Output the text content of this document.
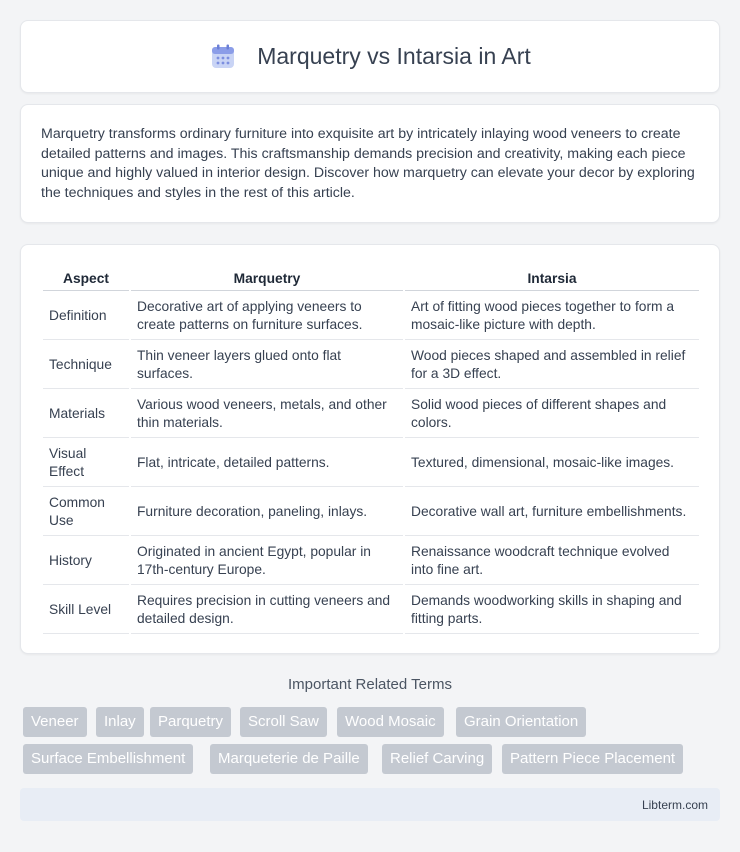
Marquetry vs Intarsia in Art

Marquetry transforms ordinary furniture into exquisite art by intricately inlaying wood veneers to create detailed patterns and images. This craftsmanship demands precision and creativity, making each piece unique and highly valued in interior design. Discover how marquetry can elevate your decor by exploring the techniques and styles in the rest of this article.

Aspect	Marquetry	Intarsia
Definition	Decorative art of applying veneers to create patterns on furniture surfaces.	Art of fitting wood pieces together to form a mosaic-like picture with depth.
Technique	Thin veneer layers glued onto flat surfaces.	Wood pieces shaped and assembled in relief for a 3D effect.
Materials	Various wood veneers, metals, and other thin materials.	Solid wood pieces of different shapes and colors.
Visual Effect	Flat, intricate, detailed patterns.	Textured, dimensional, mosaic-like images.
Common Use	Furniture decoration, paneling, inlays.	Decorative wall art, furniture embellishments.
History	Originated in ancient Egypt, popular in 17th-century Europe.	Renaissance woodcraft technique evolved into fine art.
Skill Level	Requires precision in cutting veneers and detailed design.	Demands woodworking skills in shaping and fitting parts.
Important Related Terms
Veneer	Inlay	Parquetry	Scroll Saw	Wood Mosaic	Grain Orientation
Surface Embellishment	Marqueterie de Paille	Relief Carving	Pattern Piece Placement
Libterm.com
